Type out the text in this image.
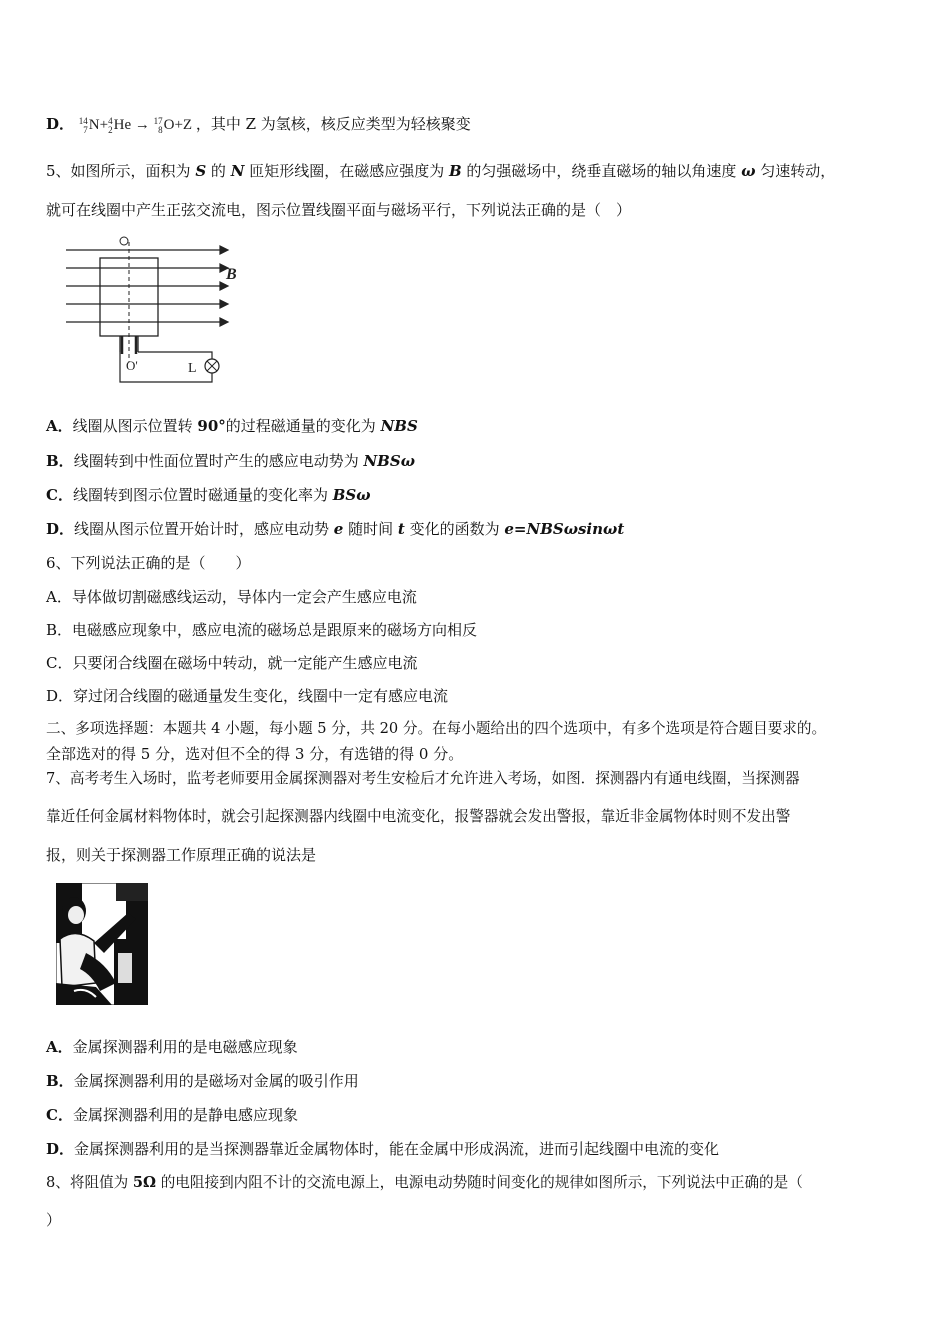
D． 14
7N+4
2He → 17
8O+Z ，其中 Z 为氢核，核反应类型为轻核聚变
5、如图所示，面积为 S 的 N 匝矩形线圈，在磁感应强度为 B 的匀强磁场中，绕垂直磁场的轴以角速度 ω 匀速转动，
就可在线圈中产生正弦交流电，图示位置线圈平面与磁场平行，下列说法正确的是（　）
B
O'	L
A．线圈从图示位置转 90°的过程磁通量的变化为 NBS
B．线圈转到中性面位置时产生的感应电动势为 NBSω
C．线圈转到图示位置时磁通量的变化率为 BSω
D．线圈从图示位置开始计时，感应电动势 e 随时间 t 变化的函数为 e=NBSωsinωt
6、下列说法正确的是（　　）
A．导体做切割磁感线运动，导体内一定会产生感应电流
B．电磁感应现象中，感应电流的磁场总是跟原来的磁场方向相反
C．只要闭合线圈在磁场中转动，就一定能产生感应电流
D．穿过闭合线圈的磁通量发生变化，线圈中一定有感应电流
二、多项选择题：本题共 4 小题，每小题 5 分，共 20 分。在每小题给出的四个选项中，有多个选项是符合题目要求的。
全部选对的得 5 分，选对但不全的得 3 分，有选错的得 0 分。
7、高考考生入场时，监考老师要用金属探测器对考生安检后才允许进入考场，如图．探测器内有通电线圈，当探测器
靠近任何金属材料物体时，就会引起探测器内线圈中电流变化，报警器就会发出警报，靠近非金属物体时则不发出警
报，则关于探测器工作原理正确的说法是
A．金属探测器利用的是电磁感应现象
B．金属探测器利用的是磁场对金属的吸引作用
C．金属探测器利用的是静电感应现象
D．金属探测器利用的是当探测器靠近金属物体时，能在金属中形成涡流，进而引起线圈中电流的变化
8、将阻值为 5Ω 的电阻接到内阻不计的交流电源上，电源电动势随时间变化的规律如图所示，下列说法中正确的是（
）
